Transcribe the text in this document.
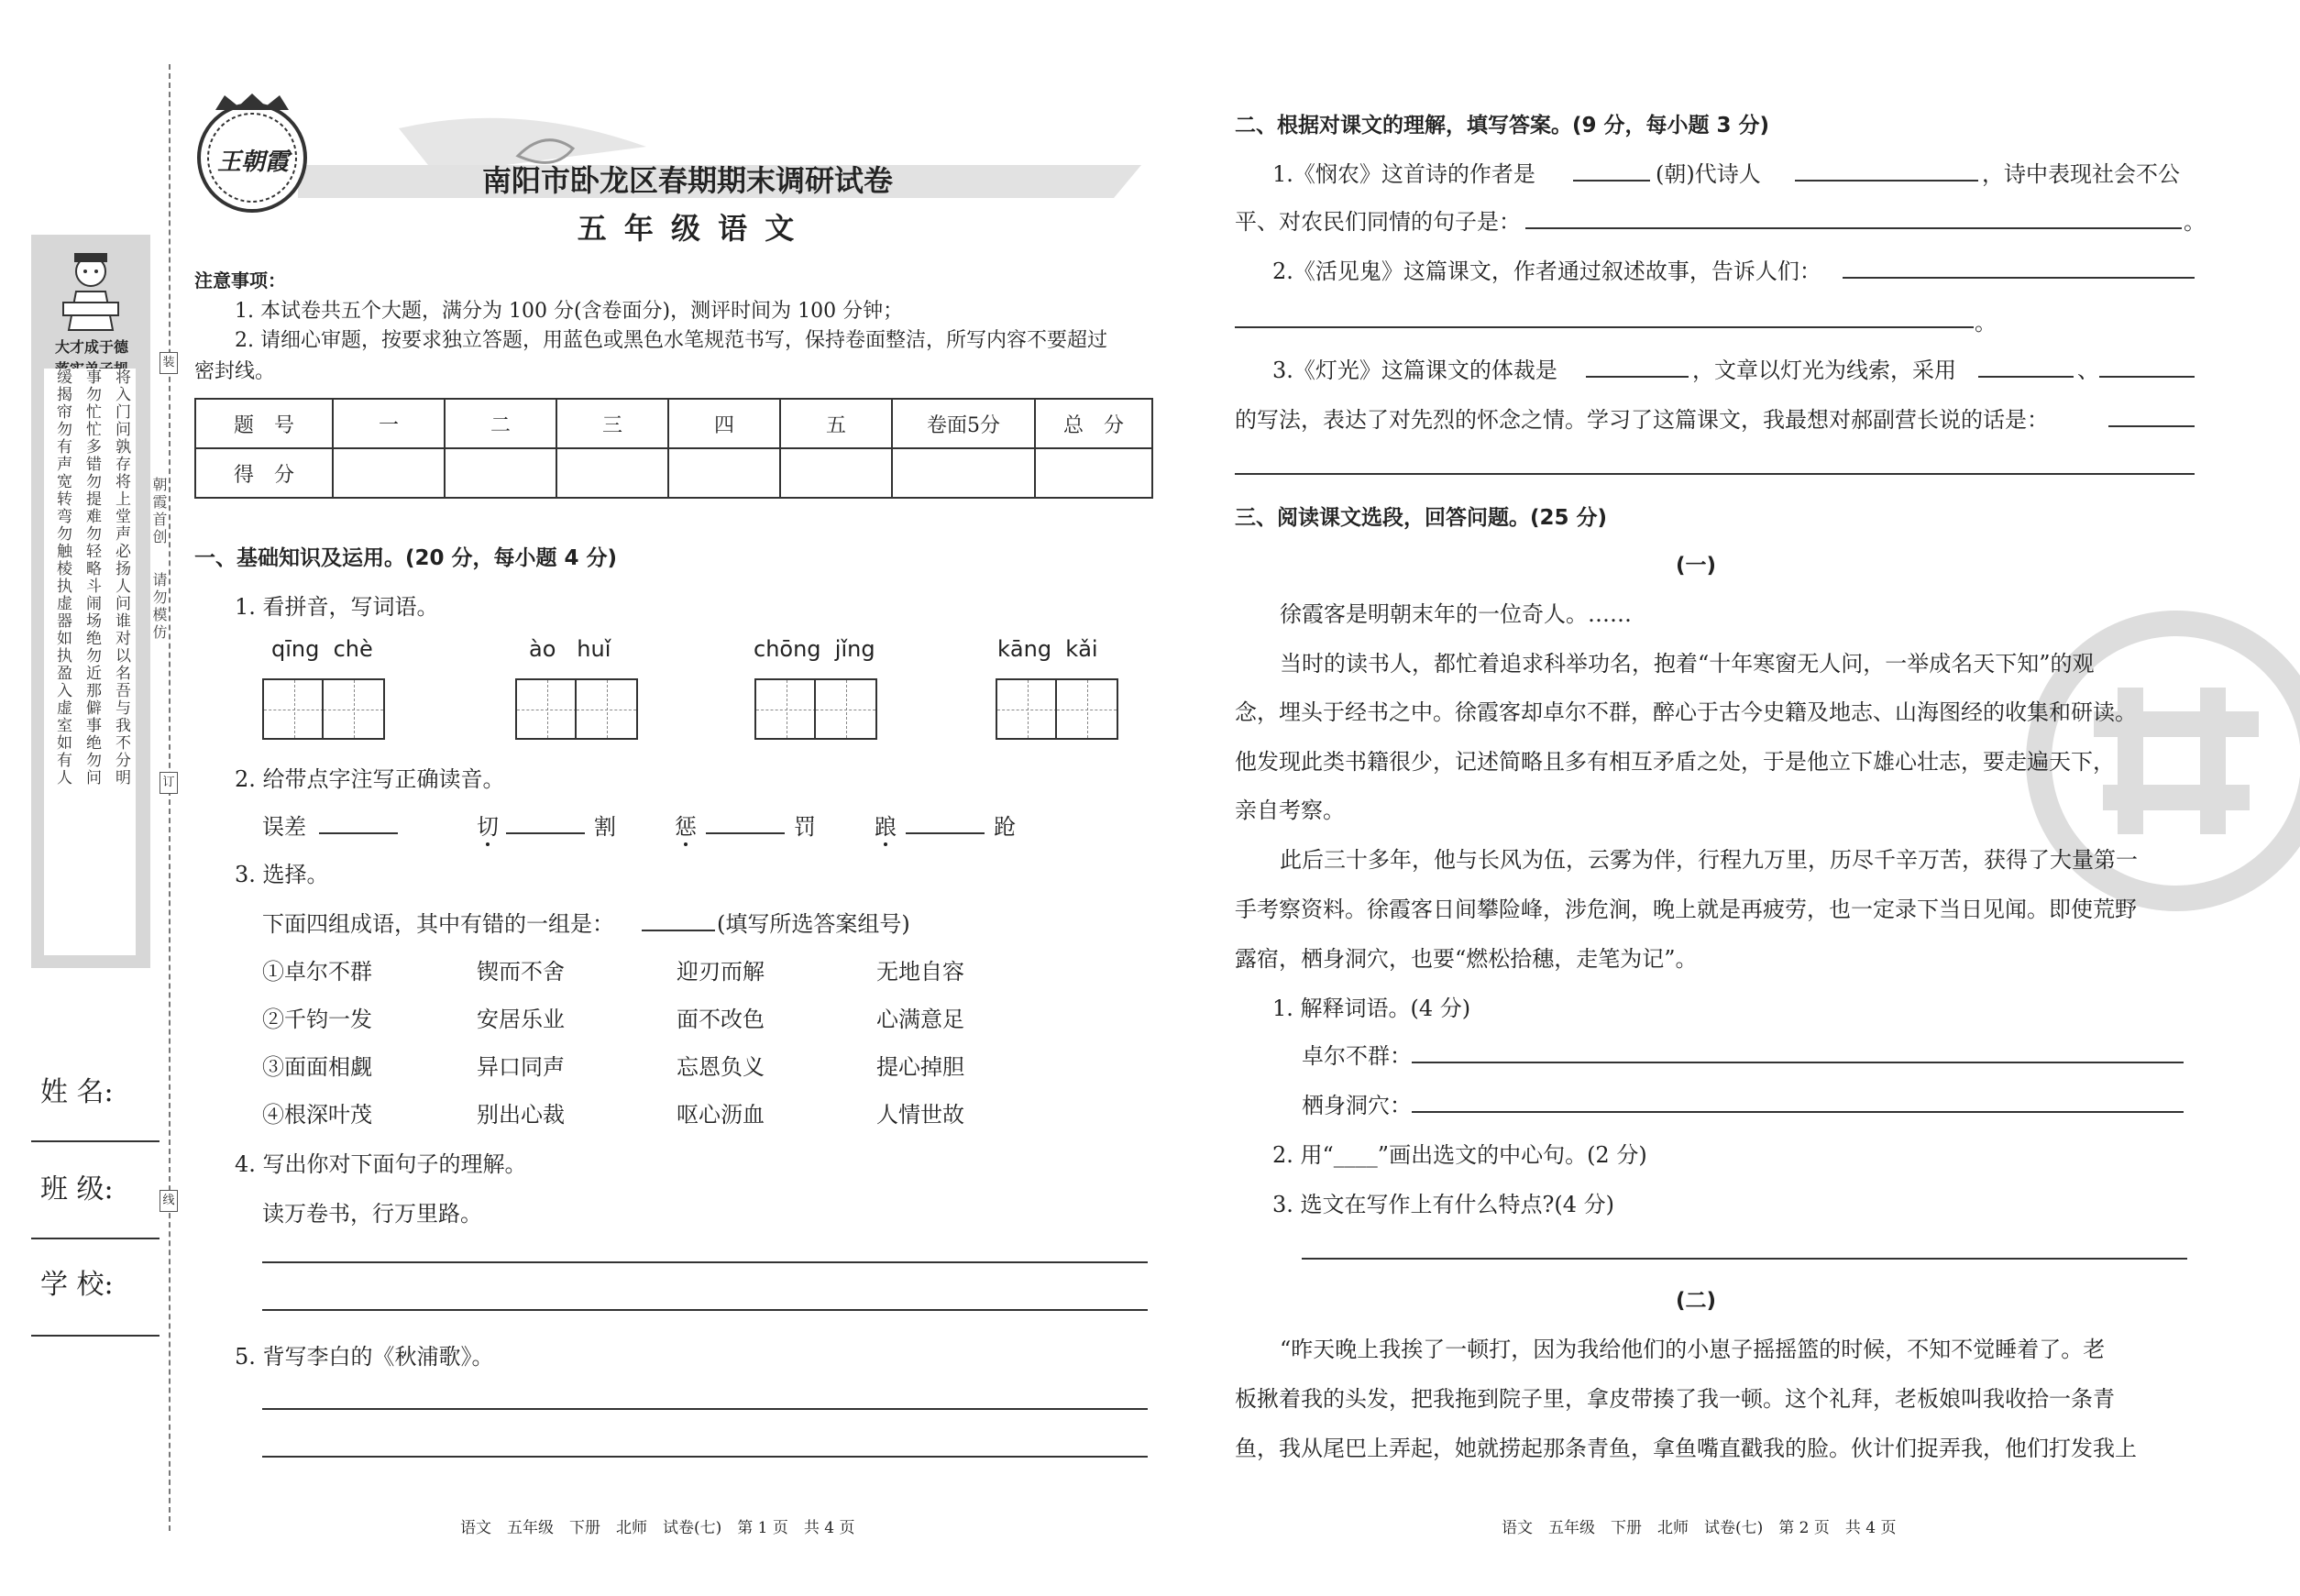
大才成于德
将入门问孰存将上堂声必扬人问谁对以名吾与我不分明
事勿忙忙多错勿提难勿轻略斗闹场绝勿近那僻事绝勿问
缓揭帘勿有声宽转弯勿触棱执虚器如执盈入虚室如有人
装
订
线
朝霞首创
请勿模仿
姓 名:
班 级:
学 校:
王朝霞
南阳市卧龙区春期期末调研试卷
五 年 级 语 文
注意事项：
1. 本试卷共五个大题，满分为 100 分(含卷面分)，测评时间为 100 分钟；
2. 请细心审题，按要求独立答题，用蓝色或黑色水笔规范书写，保持卷面整洁，所写内容不要超过
密封线。
题　号	一	二	三	四	五	卷面5分	总　分
得　分							
一、基础知识及运用。(20 分，每小题 4 分)
1. 看拼音，写词语。
qīng  chè	ào   huǐ	chōng  jǐng	kāng  kǎi
2. 给带点字注写正确读音。
误差	切	割	惩	罚	踉	跄
3. 选择。
下面四组成语，其中有错的一组是：	(填写所选答案组号)
①卓尔不群	锲而不舍	迎刃而解	无地自容
②千钧一发	安居乐业	面不改色	心满意足
③面面相觑	异口同声	忘恩负义	提心掉胆
④根深叶茂	别出心裁	呕心沥血	人情世故
4. 写出你对下面句子的理解。
读万卷书，行万里路。
5. 背写李白的《秋浦歌》。
语文　五年级　下册　北师　试卷(七)　第 1 页　共 4 页
二、根据对课文的理解，填写答案。(9 分，每小题 3 分)
1.《悯农》这首诗的作者是	(朝)代诗人	，诗中表现社会不公
平、对农民们同情的句子是：	。
2.《活见鬼》这篇课文，作者通过叙述故事，告诉人们：
。
3.《灯光》这篇课文的体裁是	，文章以灯光为线索，采用	、
的写法，表达了对先烈的怀念之情。学习了这篇课文，我最想对郝副营长说的话是：
三、阅读课文选段，回答问题。(25 分)
(一)
徐霞客是明朝末年的一位奇人。……
当时的读书人，都忙着追求科举功名，抱着“十年寒窗无人问，一举成名天下知”的观
念，埋头于经书之中。徐霞客却卓尔不群，醉心于古今史籍及地志、山海图经的收集和研读。
他发现此类书籍很少，记述简略且多有相互矛盾之处，于是他立下雄心壮志，要走遍天下，
亲自考察。
此后三十多年，他与长风为伍，云雾为伴，行程九万里，历尽千辛万苦，获得了大量第一
手考察资料。徐霞客日间攀险峰，涉危涧，晚上就是再疲劳，也一定录下当日见闻。即使荒野
露宿，栖身洞穴，也要“燃松拾穗，走笔为记”。
1. 解释词语。(4 分)
卓尔不群：
栖身洞穴：
2. 用“____”画出选文的中心句。(2 分)
3. 选文在写作上有什么特点?(4 分)
(二)
“昨天晚上我挨了一顿打，因为我给他们的小崽子摇摇篮的时候，不知不觉睡着了。老
板揪着我的头发，把我拖到院子里，拿皮带揍了我一顿。这个礼拜，老板娘叫我收拾一条青
鱼，我从尾巴上弄起，她就捞起那条青鱼，拿鱼嘴直戳我的脸。伙计们捉弄我，他们打发我上
语文　五年级　下册　北师　试卷(七)　第 2 页　共 4 页
